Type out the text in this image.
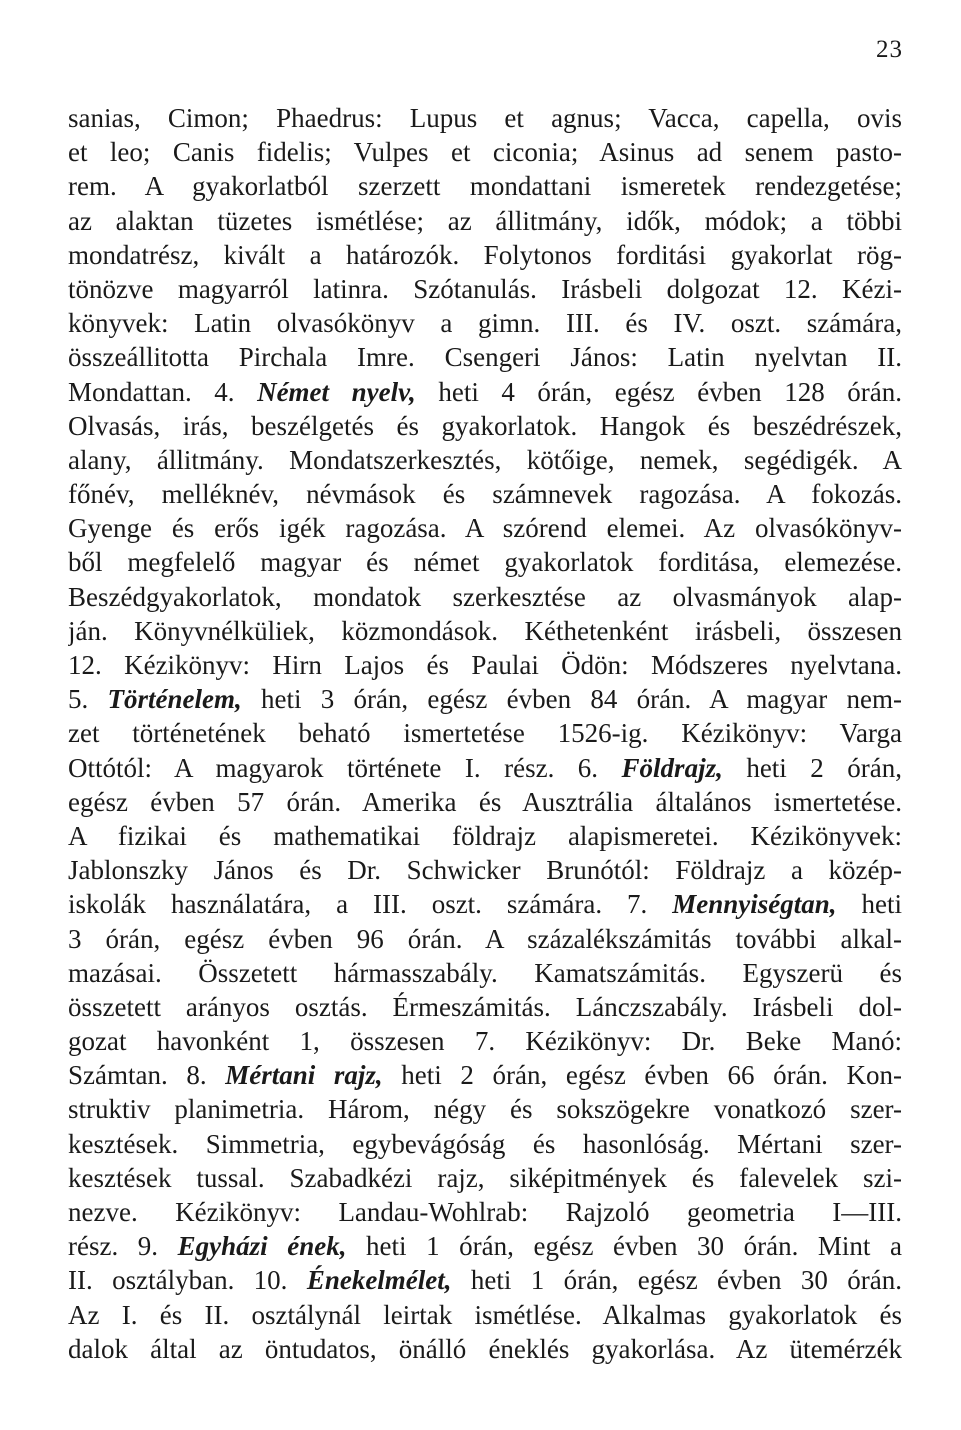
23
sanias, Cimon; Phaedrus: Lupus et agnus; Vacca, capella, ovis
et leo; Canis fidelis; Vulpes et ciconia; Asinus ad senem pasto-
rem. A gyakorlatból szerzett mondattani ismeretek rendezgetése;
az alaktan tüzetes ismétlése; az állitmány, idők, módok; a többi
mondatrész, kivált a határozók. Folytonos forditási gyakorlat rög-
tönözve magyarról latinra. Szótanulás. Irásbeli dolgozat 12. Kézi-
könyvek: Latin olvasókönyv a gimn. III. és IV. oszt. számára,
összeállitotta Pirchala Imre. Csengeri János: Latin nyelvtan II.
Mondattan. 4. Német nyelv, heti 4 órán, egész évben 128 órán.
Olvasás, irás, beszélgetés és gyakorlatok. Hangok és beszédrészek,
alany, állitmány. Mondatszerkesztés, kötőige, nemek, segédigék. A
főnév, melléknév, névmások és számnevek ragozása. A fokozás.
Gyenge és erős igék ragozása. A szórend elemei. Az olvasókönyv-
ből megfelelő magyar és német gyakorlatok forditása, elemezése.
Beszédgyakorlatok, mondatok szerkesztése az olvasmányok alap-
ján. Könyvnélküliek, közmondások. Kéthetenként irásbeli, összesen
12. Kézikönyv: Hirn Lajos és Paulai Ödön: Módszeres nyelvtana.
5. Történelem, heti 3 órán, egész évben 84 órán. A magyar nem-
zet történetének beható ismertetése 1526-ig. Kézikönyv: Varga
Ottótól: A magyarok története I. rész. 6. Földrajz, heti 2 órán,
egész évben 57 órán. Amerika és Ausztrália általános ismertetése.
A fizikai és mathematikai földrajz alapismeretei. Kézikönyvek:
Jablonszky János és Dr. Schwicker Brunótól: Földrajz a közép-
iskolák használatára, a III. oszt. számára. 7. Mennyiségtan, heti
3 órán, egész évben 96 órán. A százalékszámitás további alkal-
mazásai. Összetett hármasszabály. Kamatszámitás. Egyszerü és
összetett arányos osztás. Érmeszámitás. Lánczszabály. Irásbeli dol-
gozat havonként 1, összesen 7. Kézikönyv: Dr. Beke Manó:
Számtan. 8. Mértani rajz, heti 2 órán, egész évben 66 órán. Kon-
struktiv planimetria. Három, négy és sokszögekre vonatkozó szer-
kesztések. Simmetria, egybevágóság és hasonlóság. Mértani szer-
kesztések tussal. Szabadkézi rajz, siképitmények és falevelek szi-
nezve. Kézikönyv: Landau-Wohlrab: Rajzoló geometria I—III.
rész. 9. Egyházi ének, heti 1 órán, egész évben 30 órán. Mint a
II. osztályban. 10. Énekelmélet, heti 1 órán, egész évben 30 órán.
Az I. és II. osztálynál leirtak ismétlése. Alkalmas gyakorlatok és
dalok által az öntudatos, önálló éneklés gyakorlása. Az ütemérzék
